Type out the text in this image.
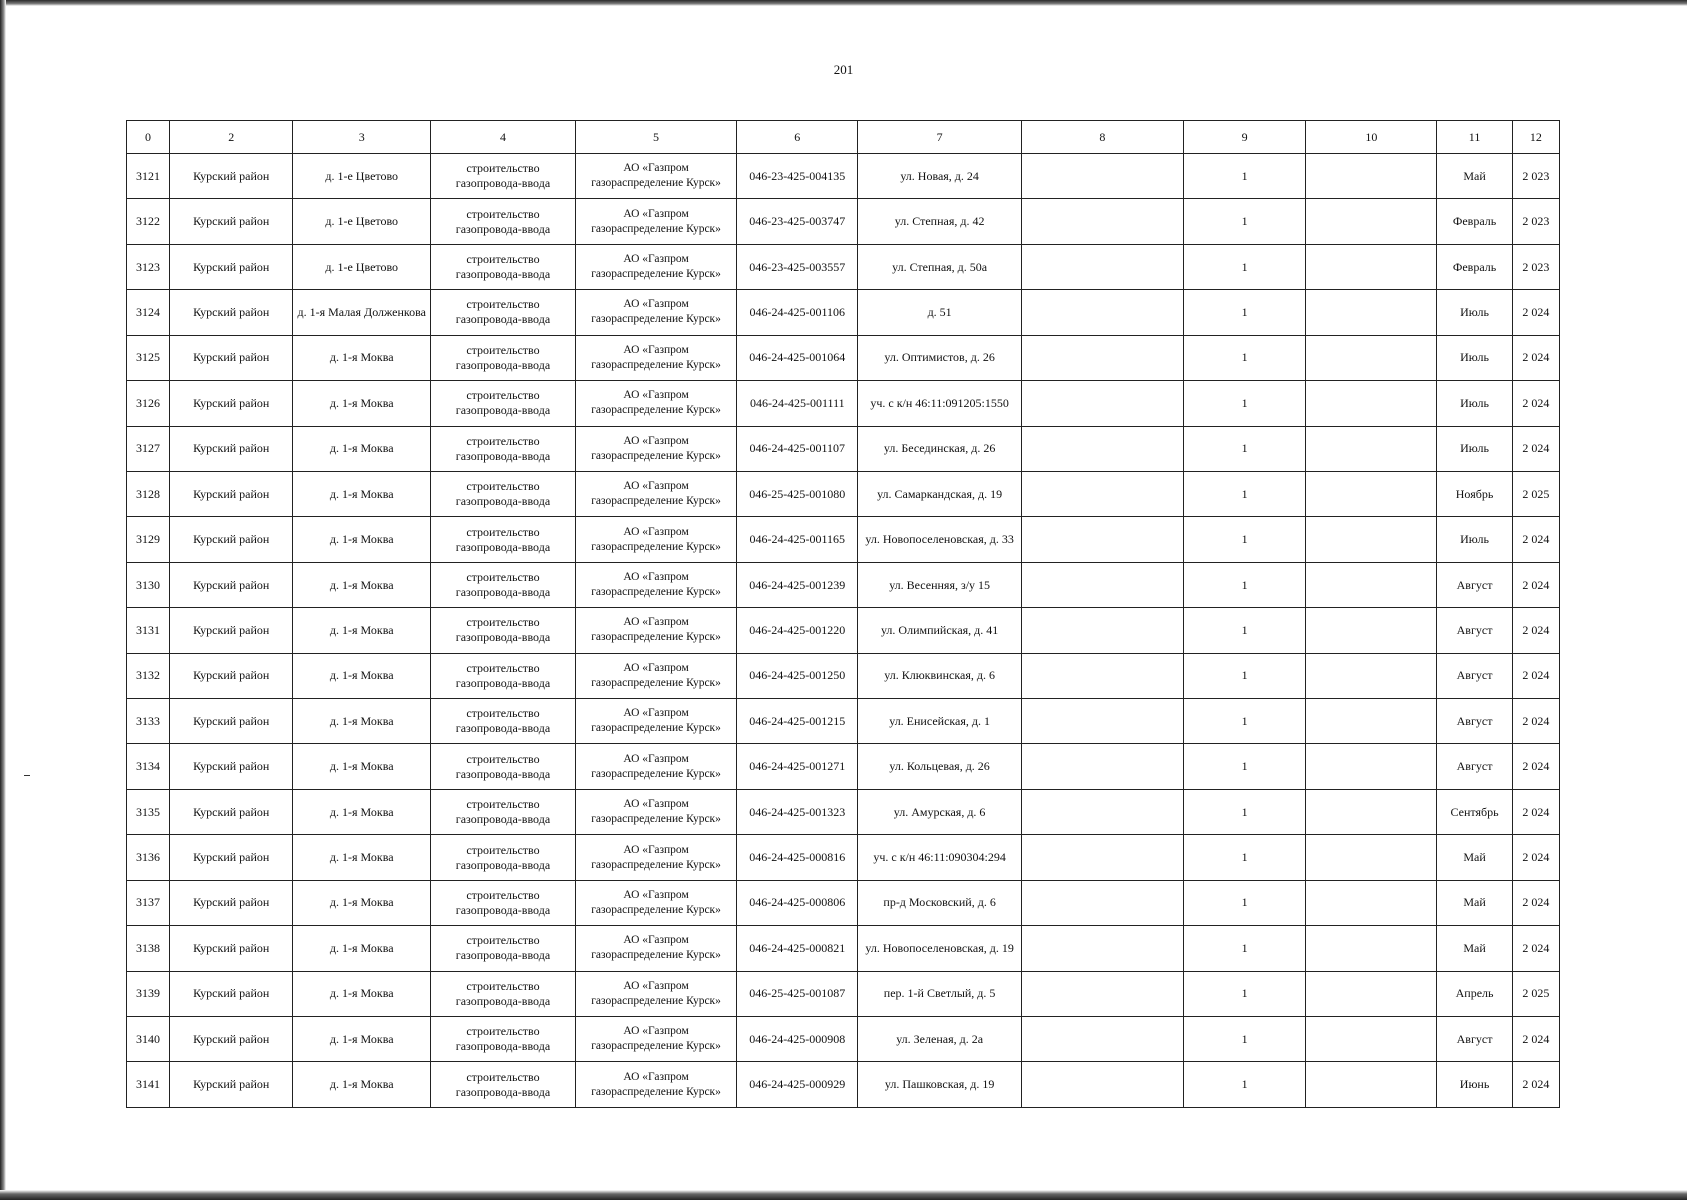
201
0	2	3	4	5	6	7	8	9	10	11	12
3121	Курский район	д. 1-е Цветово	строительство газопровода-ввода	АО «Газпром газораспределение Курск»	046-23-425-004135	ул. Новая, д. 24		1		Май	2 023
3122	Курский район	д. 1-е Цветово	строительство газопровода-ввода	АО «Газпром газораспределение Курск»	046-23-425-003747	ул. Степная, д. 42		1		Февраль	2 023
3123	Курский район	д. 1-е Цветово	строительство газопровода-ввода	АО «Газпром газораспределение Курск»	046-23-425-003557	ул. Степная, д. 50а		1		Февраль	2 023
3124	Курский район	д. 1-я Малая Долженкова	строительство газопровода-ввода	АО «Газпром газораспределение Курск»	046-24-425-001106	д. 51		1		Июль	2 024
3125	Курский район	д. 1-я Моква	строительство газопровода-ввода	АО «Газпром газораспределение Курск»	046-24-425-001064	ул. Оптимистов, д. 26		1		Июль	2 024
3126	Курский район	д. 1-я Моква	строительство газопровода-ввода	АО «Газпром газораспределение Курск»	046-24-425-001111	уч. с к/н 46:11:091205:1550		1		Июль	2 024
3127	Курский район	д. 1-я Моква	строительство газопровода-ввода	АО «Газпром газораспределение Курск»	046-24-425-001107	ул. Бесединская, д. 26		1		Июль	2 024
3128	Курский район	д. 1-я Моква	строительство газопровода-ввода	АО «Газпром газораспределение Курск»	046-25-425-001080	ул. Самаркандская, д. 19		1		Ноябрь	2 025
3129	Курский район	д. 1-я Моква	строительство газопровода-ввода	АО «Газпром газораспределение Курск»	046-24-425-001165	ул. Новопоселеновская, д. 33		1		Июль	2 024
3130	Курский район	д. 1-я Моква	строительство газопровода-ввода	АО «Газпром газораспределение Курск»	046-24-425-001239	ул. Весенняя, з/у 15		1		Август	2 024
3131	Курский район	д. 1-я Моква	строительство газопровода-ввода	АО «Газпром газораспределение Курск»	046-24-425-001220	ул. Олимпийская, д. 41		1		Август	2 024
3132	Курский район	д. 1-я Моква	строительство газопровода-ввода	АО «Газпром газораспределение Курск»	046-24-425-001250	ул. Клюквинская, д. 6		1		Август	2 024
3133	Курский район	д. 1-я Моква	строительство газопровода-ввода	АО «Газпром газораспределение Курск»	046-24-425-001215	ул. Енисейская, д. 1		1		Август	2 024
3134	Курский район	д. 1-я Моква	строительство газопровода-ввода	АО «Газпром газораспределение Курск»	046-24-425-001271	ул. Кольцевая, д. 26		1		Август	2 024
3135	Курский район	д. 1-я Моква	строительство газопровода-ввода	АО «Газпром газораспределение Курск»	046-24-425-001323	ул. Амурская, д. 6		1		Сентябрь	2 024
3136	Курский район	д. 1-я Моква	строительство газопровода-ввода	АО «Газпром газораспределение Курск»	046-24-425-000816	уч. с к/н 46:11:090304:294		1		Май	2 024
3137	Курский район	д. 1-я Моква	строительство газопровода-ввода	АО «Газпром газораспределение Курск»	046-24-425-000806	пр-д Московский, д. 6		1		Май	2 024
3138	Курский район	д. 1-я Моква	строительство газопровода-ввода	АО «Газпром газораспределение Курск»	046-24-425-000821	ул. Новопоселеновская, д. 19		1		Май	2 024
3139	Курский район	д. 1-я Моква	строительство газопровода-ввода	АО «Газпром газораспределение Курск»	046-25-425-001087	пер. 1-й Светлый, д. 5		1		Апрель	2 025
3140	Курский район	д. 1-я Моква	строительство газопровода-ввода	АО «Газпром газораспределение Курск»	046-24-425-000908	ул. Зеленая, д. 2а		1		Август	2 024
3141	Курский район	д. 1-я Моква	строительство газопровода-ввода	АО «Газпром газораспределение Курск»	046-24-425-000929	ул. Пашковская, д. 19		1		Июнь	2 024
